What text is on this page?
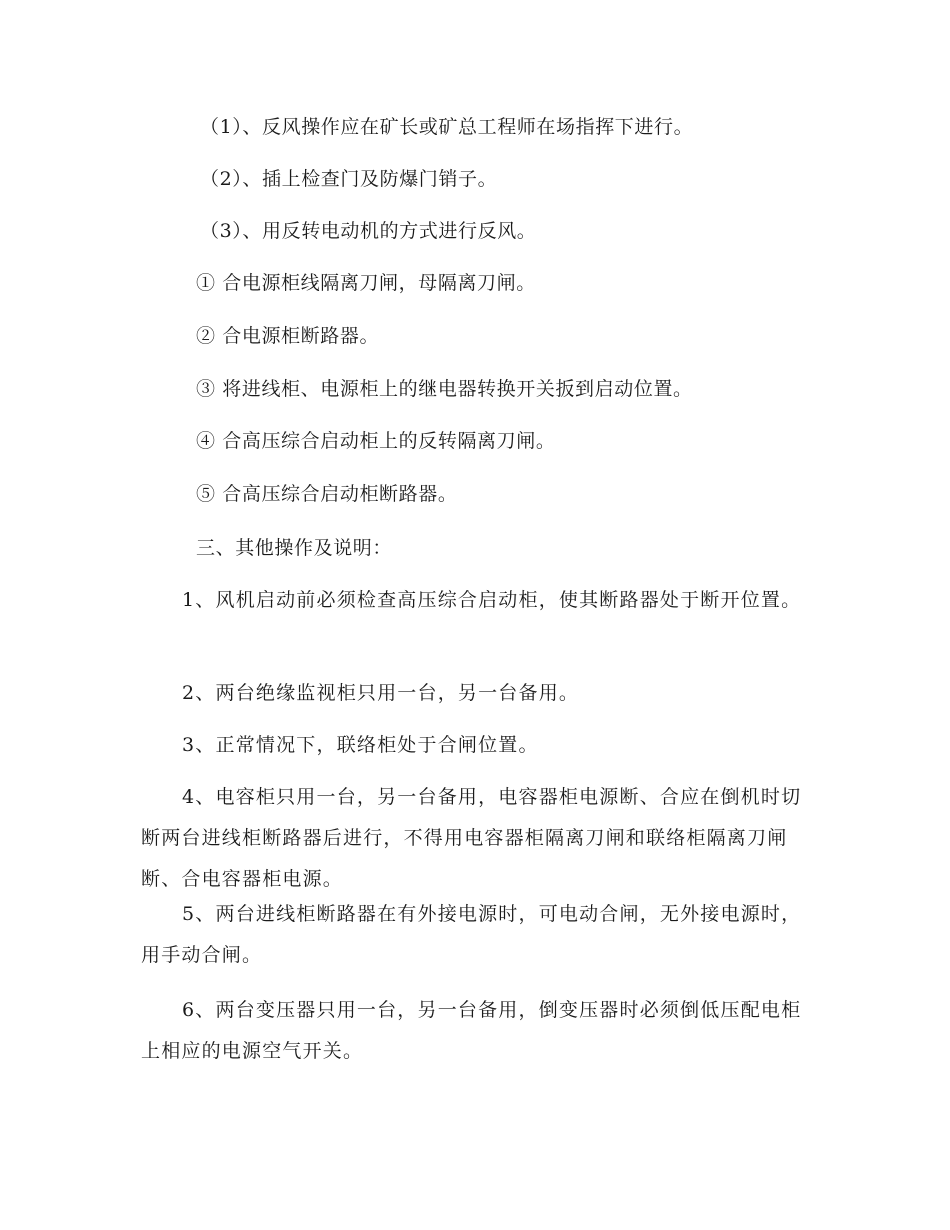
（1）、反风操作应在矿长或矿总工程师在场指挥下进行。
（2）、插上检查门及防爆门销子。
（3）、用反转电动机的方式进行反风。
① 合电源柜线隔离刀闸，母隔离刀闸。
② 合电源柜断路器。
③ 将进线柜、电源柜上的继电器转换开关扳到启动位置。
④ 合高压综合启动柜上的反转隔离刀闸。
⑤ 合高压综合启动柜断路器。
三、其他操作及说明：
1、风机启动前必须检查高压综合启动柜，使其断路器处于断开位置。
2、两台绝缘监视柜只用一台，另一台备用。
3、正常情况下，联络柜处于合闸位置。
4、电容柜只用一台，另一台备用，电容器柜电源断、合应在倒机时切断两台进线柜断路器后进行，不得用电容器柜隔离刀闸和联络柜隔离刀闸断、合电容器柜电源。
5、两台进线柜断路器在有外接电源时，可电动合闸，无外接电源时，用手动合闸。
6、两台变压器只用一台，另一台备用，倒变压器时必须倒低压配电柜上相应的电源空气开关。
